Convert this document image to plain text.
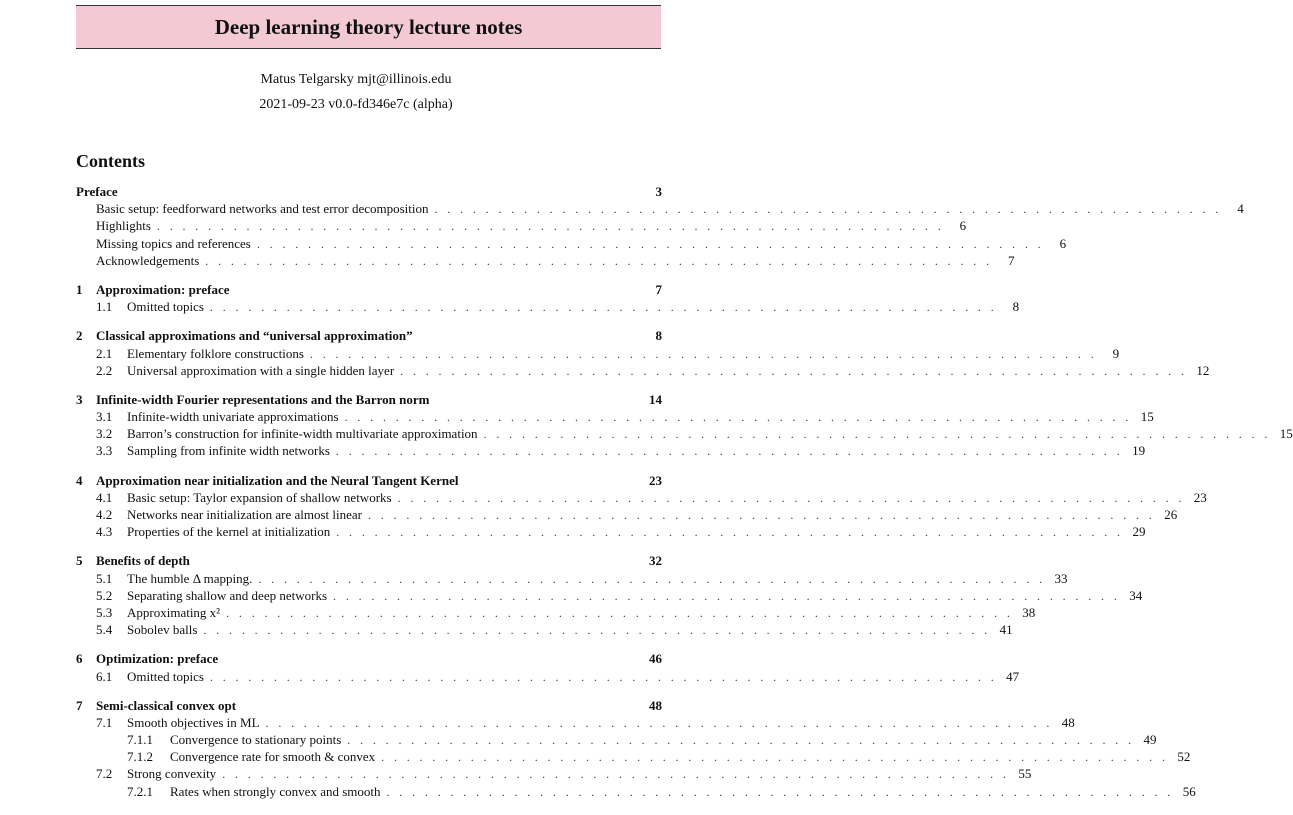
Deep learning theory lecture notes
Matus Telgarsky mjt@illinois.edu
2021-09-23 v0.0-fd346e7c (alpha)
Contents
Preface	3
Basic setup: feedforward networks and test error decomposition . . . . . . . . . . . . . . . . . . . . . . . . . . . . . . . . . . . . . . . . . . . . . . . . . . . . . . . . . . . . . .	4
Highlights . . . . . . . . . . . . . . . . . . . . . . . . . . . . . . . . . . . . . . . . . . . . . . . . . . . . . . . . . . . . . .	6
Missing topics and references . . . . . . . . . . . . . . . . . . . . . . . . . . . . . . . . . . . . . . . . . . . . . . . . . . . . . . . . . . . . . .	6
Acknowledgements . . . . . . . . . . . . . . . . . . . . . . . . . . . . . . . . . . . . . . . . . . . . . . . . . . . . . . . . . . . . . .	7
1	Approximation: preface	7
1.1	Omitted topics . . . . . . . . . . . . . . . . . . . . . . . . . . . . . . . . . . . . . . . . . . . . . . . . . . . . . . . . . . . . . .	8
2	Classical approximations and “universal approximation”	8
2.1	Elementary folklore constructions . . . . . . . . . . . . . . . . . . . . . . . . . . . . . . . . . . . . . . . . . . . . . . . . . . . . . . . . . . . . . .	9
2.2	Universal approximation with a single hidden layer . . . . . . . . . . . . . . . . . . . . . . . . . . . . . . . . . . . . . . . . . . . . . . . . . . . . . . . . . . . . . . 12
3	Infinite-width Fourier representations and the Barron norm	14
3.1	Infinite-width univariate approximations . . . . . . . . . . . . . . . . . . . . . . . . . . . . . . . . . . . . . . . . . . . . . . . . . . . . . . . . . . . . . . 15
3.2	Barron’s construction for infinite-width multivariate approximation . . . . . . . . . . . . . . . . . . . . . . . . . . . . . . . . . . . . . . . . . . . . . . . . . . . . . . . . . . . . . . 15
3.3	Sampling from infinite width networks . . . . . . . . . . . . . . . . . . . . . . . . . . . . . . . . . . . . . . . . . . . . . . . . . . . . . . . . . . . . . . 19
4	Approximation near initialization and the Neural Tangent Kernel	23
4.1	Basic setup: Taylor expansion of shallow networks . . . . . . . . . . . . . . . . . . . . . . . . . . . . . . . . . . . . . . . . . . . . . . . . . . . . . . . . . . . . . . 23
4.2	Networks near initialization are almost linear . . . . . . . . . . . . . . . . . . . . . . . . . . . . . . . . . . . . . . . . . . . . . . . . . . . . . . . . . . . . . . 26
4.3	Properties of the kernel at initialization . . . . . . . . . . . . . . . . . . . . . . . . . . . . . . . . . . . . . . . . . . . . . . . . . . . . . . . . . . . . . . 29
5	Benefits of depth	32
5.1	The humble Δ mapping. . . . . . . . . . . . . . . . . . . . . . . . . . . . . . . . . . . . . . . . . . . . . . . . . . . . . . . . . . . . . . . 33
5.2	Separating shallow and deep networks . . . . . . . . . . . . . . . . . . . . . . . . . . . . . . . . . . . . . . . . . . . . . . . . . . . . . . . . . . . . . . 34
5.3	Approximating x² . . . . . . . . . . . . . . . . . . . . . . . . . . . . . . . . . . . . . . . . . . . . . . . . . . . . . . . . . . . . . . 38
5.4	Sobolev balls . . . . . . . . . . . . . . . . . . . . . . . . . . . . . . . . . . . . . . . . . . . . . . . . . . . . . . . . . . . . . . 41
6	Optimization: preface	46
6.1	Omitted topics . . . . . . . . . . . . . . . . . . . . . . . . . . . . . . . . . . . . . . . . . . . . . . . . . . . . . . . . . . . . . . 47
7	Semi-classical convex opt	48
7.1	Smooth objectives in ML . . . . . . . . . . . . . . . . . . . . . . . . . . . . . . . . . . . . . . . . . . . . . . . . . . . . . . . . . . . . . . 48
7.1.1	Convergence to stationary points . . . . . . . . . . . . . . . . . . . . . . . . . . . . . . . . . . . . . . . . . . . . . . . . . . . . . . . . . . . . . . 49
7.1.2	Convergence rate for smooth & convex . . . . . . . . . . . . . . . . . . . . . . . . . . . . . . . . . . . . . . . . . . . . . . . . . . . . . . . . . . . . . . 52
7.2	Strong convexity . . . . . . . . . . . . . . . . . . . . . . . . . . . . . . . . . . . . . . . . . . . . . . . . . . . . . . . . . . . . . . 55
7.2.1	Rates when strongly convex and smooth . . . . . . . . . . . . . . . . . . . . . . . . . . . . . . . . . . . . . . . . . . . . . . . . . . . . . . . . . . . . . . 56
